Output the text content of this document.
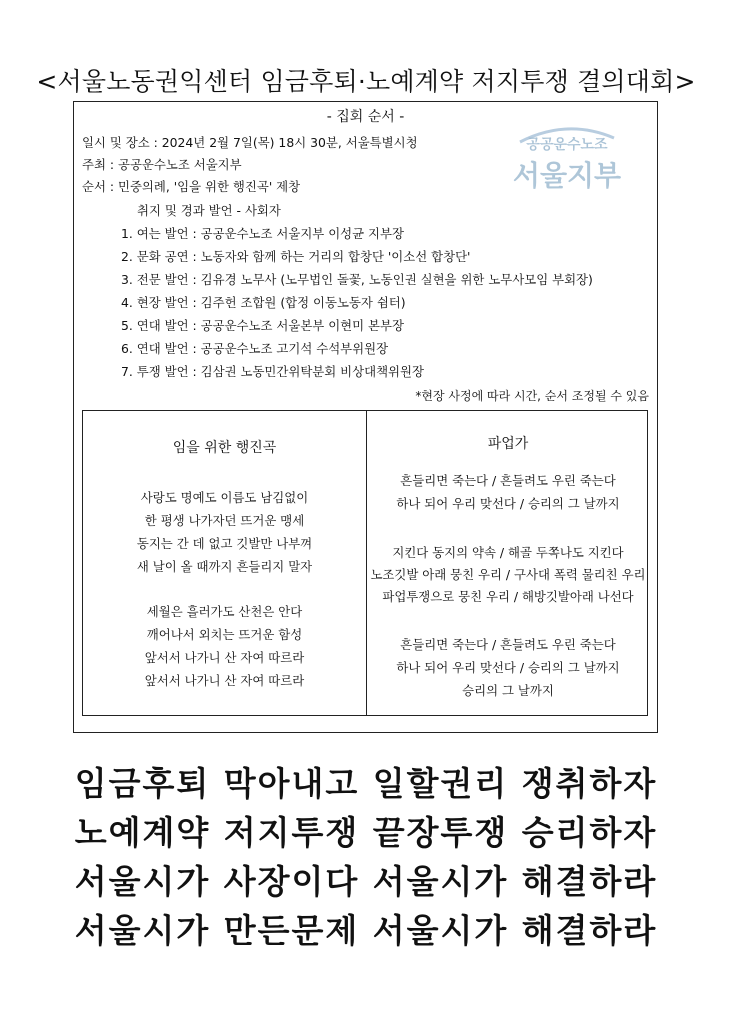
<서울노동권익센터 임금후퇴·노예계약 저지투쟁 결의대회>
- 집회 순서 -
공공운수노조
서울지부
일시 및 장소 : 2024년 2월 7일(목) 18시 30분, 서울특별시청
주최 : 공공운수노조 서울지부
순서 : 민중의례, '임을 위한 행진곡' 제창
취지 및 경과 발언 - 사회자
1. 여는 발언 : 공공운수노조 서울지부 이성균 지부장
2. 문화 공연 : 노동자와 함께 하는 거리의 합창단 '이소선 합창단'
3. 전문 발언 : 김유경 노무사 (노무법인 돌꽃, 노동인권 실현을 위한 노무사모임 부회장)
4. 현장 발언 : 김주헌 조합원 (합정 이동노동자 쉼터)
5. 연대 발언 : 공공운수노조 서울본부 이현미 본부장
6. 연대 발언 : 공공운수노조 고기석 수석부위원장
7. 투쟁 발언 : 김삼권 노동민간위탁분회 비상대책위원장
*현장 사정에 따라 시간, 순서 조정될 수 있음
임을 위한 행진곡
사랑도 명예도 이름도 남김없이
한 평생 나가자던 뜨거운 맹세
동지는 간 데 없고 깃발만 나부껴
새 날이 올 때까지 흔들리지 말자
세월은 흘러가도 산천은 안다
깨어나서 외치는 뜨거운 함성
앞서서 나가니 산 자여 따르라
앞서서 나가니 산 자여 따르라
파업가
흔들리면 죽는다 / 흔들려도 우린 죽는다
하나 되어 우리 맞선다 / 승리의 그 날까지
지킨다 동지의 약속 / 해골 두쪽나도 지킨다
노조깃발 아래 뭉친 우리 / 구사대 폭력 물리친 우리
파업투쟁으로 뭉친 우리 / 해방깃발아래 나선다
흔들리면 죽는다 / 흔들려도 우린 죽는다
하나 되어 우리 맞선다 / 승리의 그 날까지
승리의 그 날까지
임금후퇴 막아내고 일할권리 쟁취하자
노예계약 저지투쟁 끝장투쟁 승리하자
서울시가 사장이다 서울시가 해결하라
서울시가 만든문제 서울시가 해결하라
